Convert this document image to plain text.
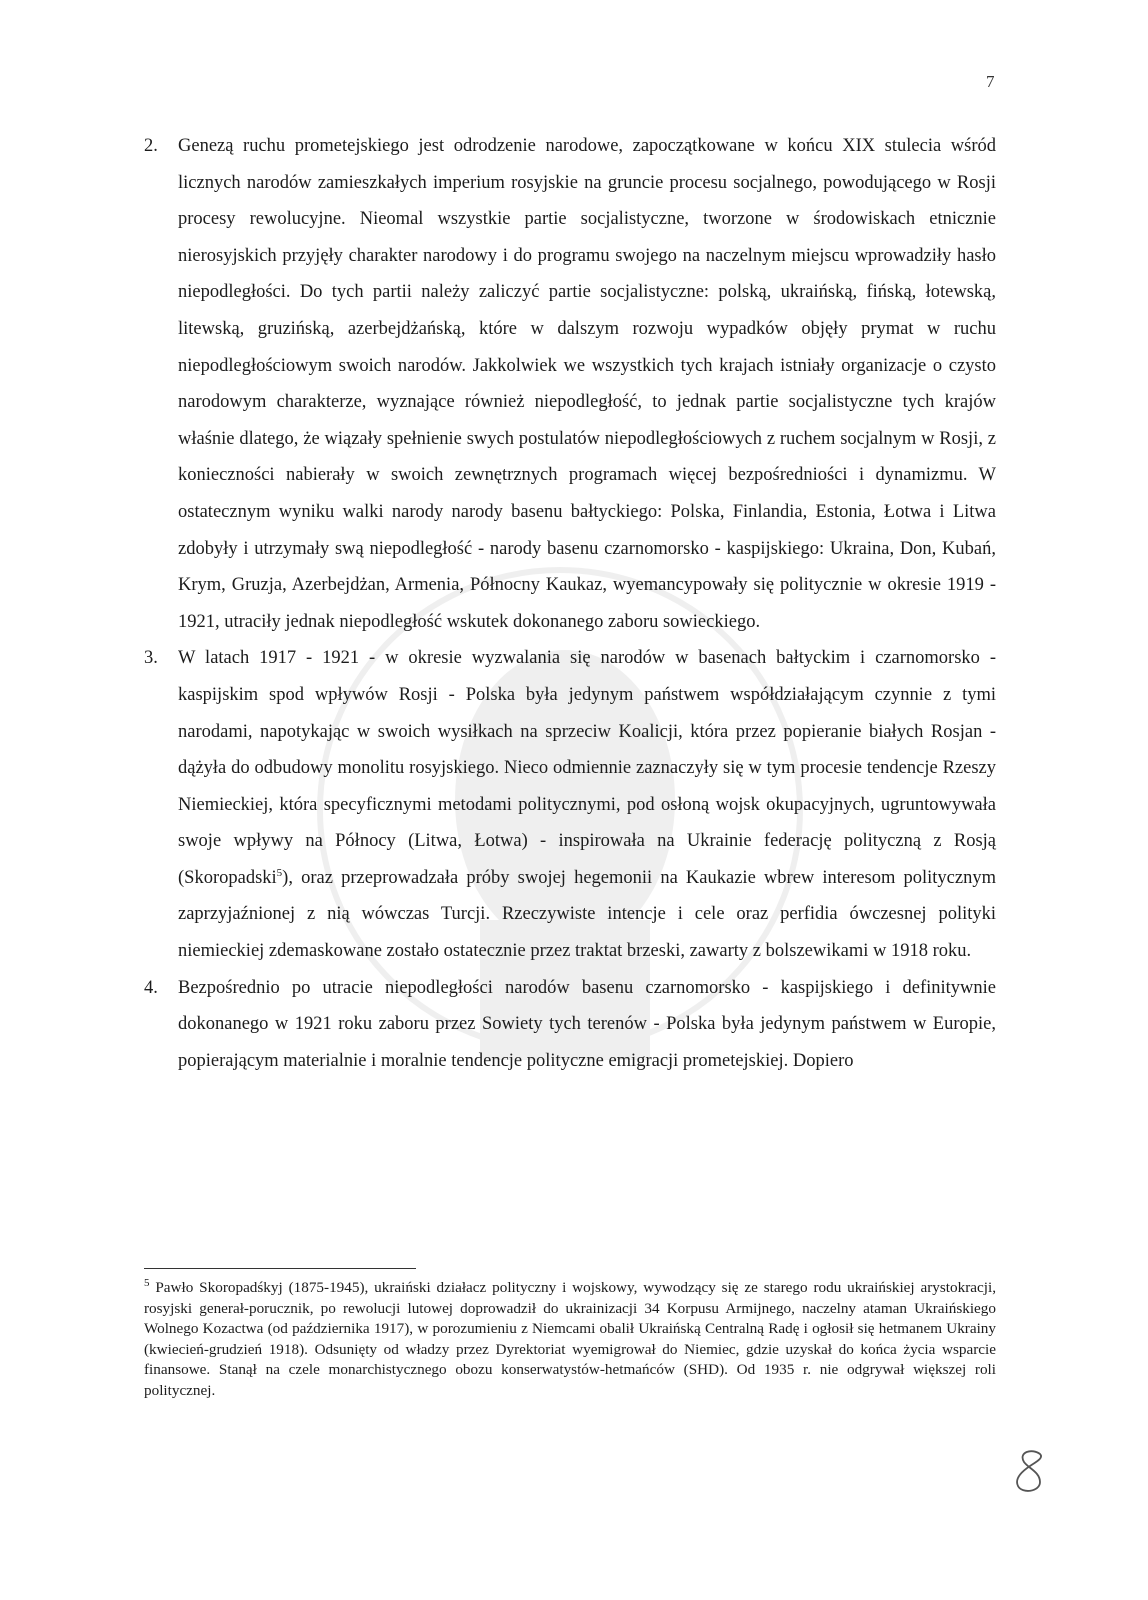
7
2. Genezą ruchu prometejskiego jest odrodzenie narodowe, zapoczątkowane w końcu XIX stulecia wśród licznych narodów zamieszkałych imperium rosyjskie na gruncie procesu socjalnego, powodującego w Rosji procesy rewolucyjne. Nieomal wszystkie partie socjalistyczne, tworzone w środowiskach etnicznie nierosyjskich przyjęły charakter narodowy i do programu swojego na naczelnym miejscu wprowadziły hasło niepodległości. Do tych partii należy zaliczyć partie socjalistyczne: polską, ukraińską, fińską, łotewską, litewską, gruzińską, azerbejdżańską, które w dalszym rozwoju wypadków objęły prymat w ruchu niepodległościowym swoich narodów. Jakkolwiek we wszystkich tych krajach istniały organizacje o czysto narodowym charakterze, wyznające również niepodległość, to jednak partie socjalistyczne tych krajów właśnie dlatego, że wiązały spełnienie swych postulatów niepodległościowych z ruchem socjalnym w Rosji, z konieczności nabierały w swoich zewnętrznych programach więcej bezpośredniości i dynamizmu. W ostatecznym wyniku walki narody narody basenu bałtyckiego: Polska, Finlandia, Estonia, Łotwa i Litwa zdobyły i utrzymały swą niepodległość - narody basenu czarnomorsko - kaspijskiego: Ukraina, Don, Kubań, Krym, Gruzja, Azerbejdżan, Armenia, Północny Kaukaz, wyemancypowały się politycznie w okresie 1919 - 1921, utraciły jednak niepodległość wskutek dokonanego zaboru sowieckiego.
3. W latach 1917 - 1921 - w okresie wyzwalania się narodów w basenach bałtyckim i czarnomorsko - kaspijskim spod wpływów Rosji - Polska była jedynym państwem współdziałającym czynnie z tymi narodami, napotykając w swoich wysiłkach na sprzeciw Koalicji, która przez popieranie białych Rosjan - dążyła do odbudowy monolitu rosyjskiego. Nieco odmiennie zaznaczyły się w tym procesie tendencje Rzeszy Niemieckiej, która specyficznymi metodami politycznymi, pod osłoną wojsk okupacyjnych, ugruntowywała swoje wpływy na Północy (Litwa, Łotwa) - inspirowała na Ukrainie federację polityczną z Rosją (Skoropadski$^5$), oraz przeprowadzała próby swojej hegemonii na Kaukazie wbrew interesom politycznym zaprzyjaźnionej z nią wówczas Turcji. Rzeczywiste intencje i cele oraz perfidia ówczesnej polityki niemieckiej zdemaskowane zostało ostatecznie przez traktat brzeski, zawarty z bolszewikami w 1918 roku.
4. Bezpośrednio po utracie niepodległości narodów basenu czarnomorsko - kaspijskiego i definitywnie dokonanego w 1921 roku zaboru przez Sowiety tych terenów - Polska była jedynym państwem w Europie, popierającym materialnie i moralnie tendencje polityczne emigracji prometejskiej. Dopiero
$^5$ Pawło Skoropadśkyj (1875-1945), ukraiński działacz polityczny i wojskowy, wywodzący się ze starego rodu ukraińskiej arystokracji, rosyjski generał-porucznik, po rewolucji lutowej doprowadził do ukrainizacji 34 Korpusu Armijnego, naczelny ataman Ukraińskiego Wolnego Kozactwa (od października 1917), w porozumieniu z Niemcami obalił Ukraińską Centralną Radę i ogłosił się hetmanem Ukrainy (kwiecień-grudzień 1918). Odsunięty od władzy przez Dyrektoriat wyemigrował do Niemiec, gdzie uzyskał do końca życia wsparcie finansowe. Stanął na czele monarchistycznego obozu konserwatystów-hetmańców (SHD). Od 1935 r. nie odgrywał większej roli politycznej.
